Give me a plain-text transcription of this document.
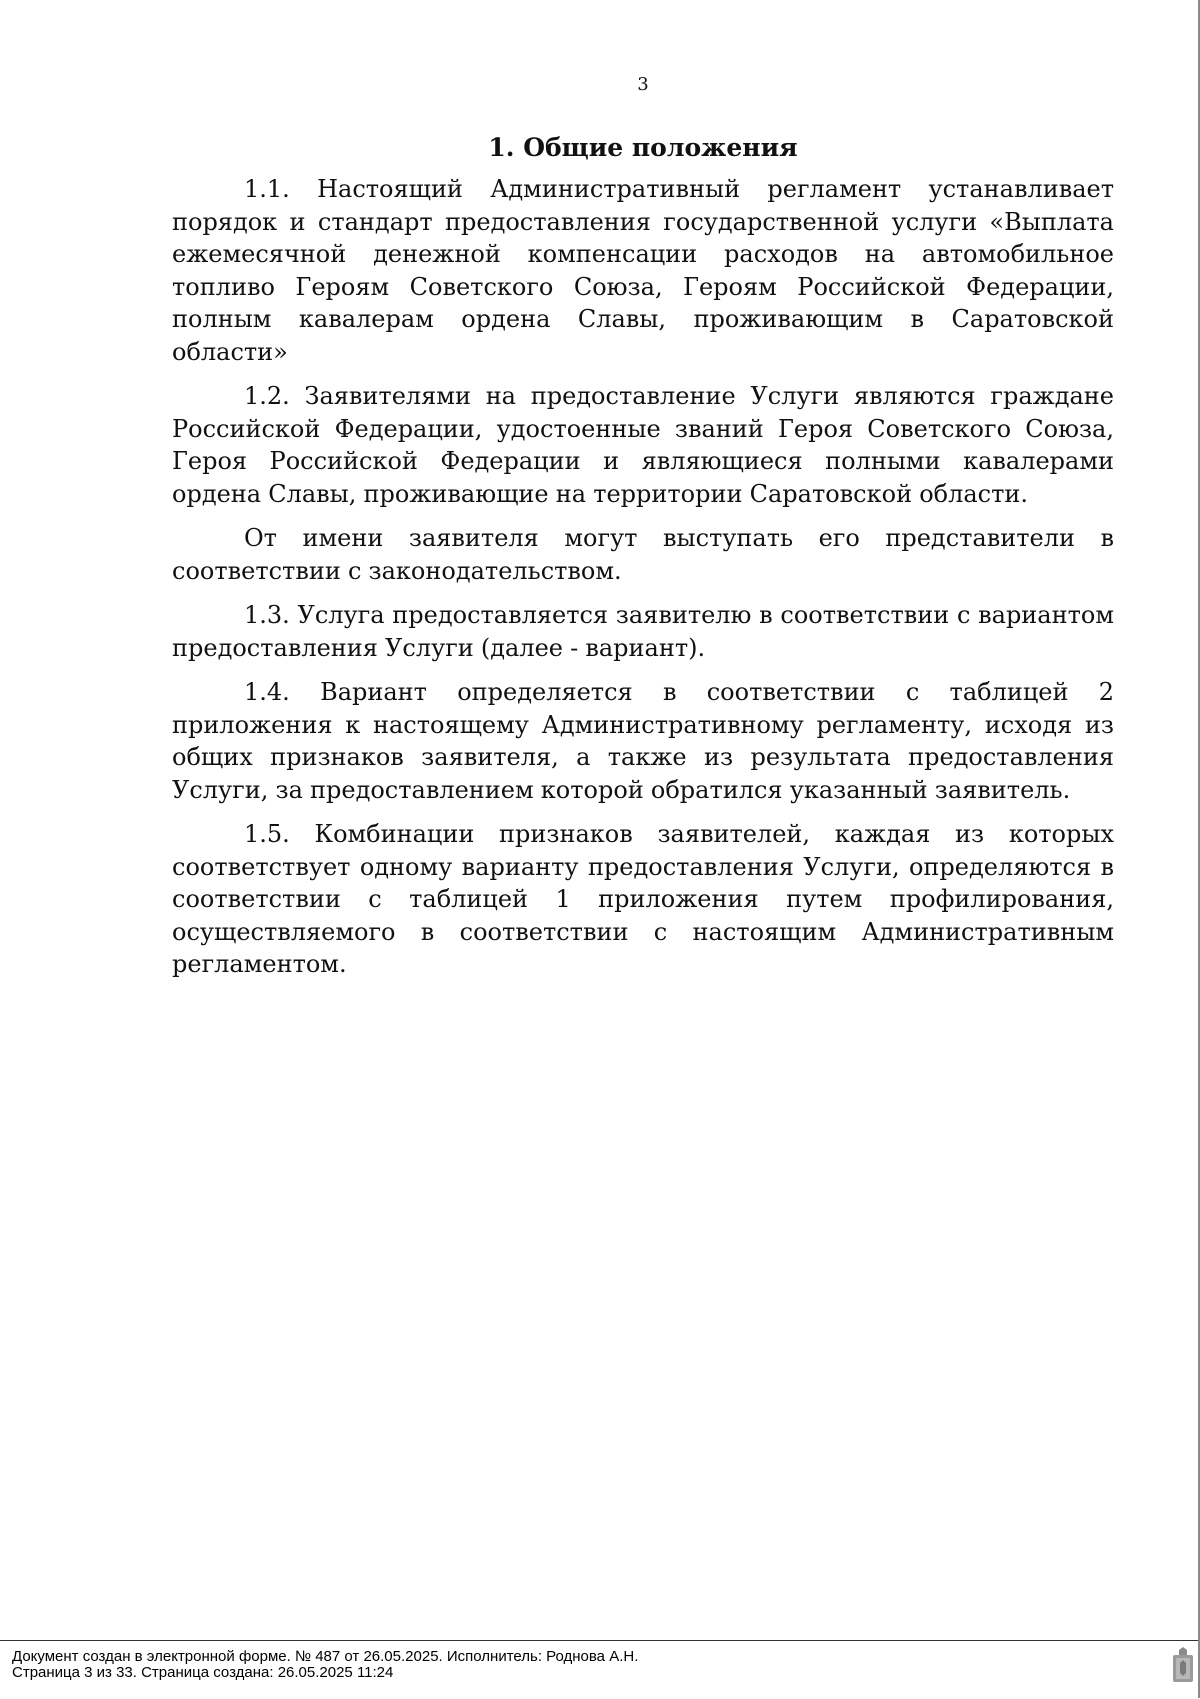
3
1. Общие положения

1.1. Настоящий Административный регламент устанавливает порядок и стандарт предоставления государственной услуги «Выплата ежемесячной денежной компенсации расходов на автомобильное топливо Героям Советского Союза, Героям Российской Федерации, полным кавалерам ордена Славы, проживающим в Саратовской области»

1.2. Заявителями на предоставление Услуги являются граждане Российской Федерации, удостоенные званий Героя Советского Союза, Героя Российской Федерации и являющиеся полными кавалерами ордена Славы, проживающие на территории Саратовской области.

От имени заявителя могут выступать его представители в соответствии с законодательством.

1.3. Услуга предоставляется заявителю в соответствии с вариантом предоставления Услуги (далее - вариант).

1.4. Вариант определяется в соответствии с таблицей 2 приложения к настоящему Административному регламенту, исходя из общих признаков заявителя, а также из результата предоставления Услуги, за предоставлением которой обратился указанный заявитель.

1.5. Комбинации признаков заявителей, каждая из которых соответствует одному варианту предоставления Услуги, определяются в соответствии с таблицей 1 приложения путем профилирования, осуществляемого в соответствии с настоящим Административным регламентом.

Документ создан в электронной форме. № 487 от 26.05.2025. Исполнитель: Роднова А.Н.
Страница 3 из 33. Страница создана: 26.05.2025 11:24
